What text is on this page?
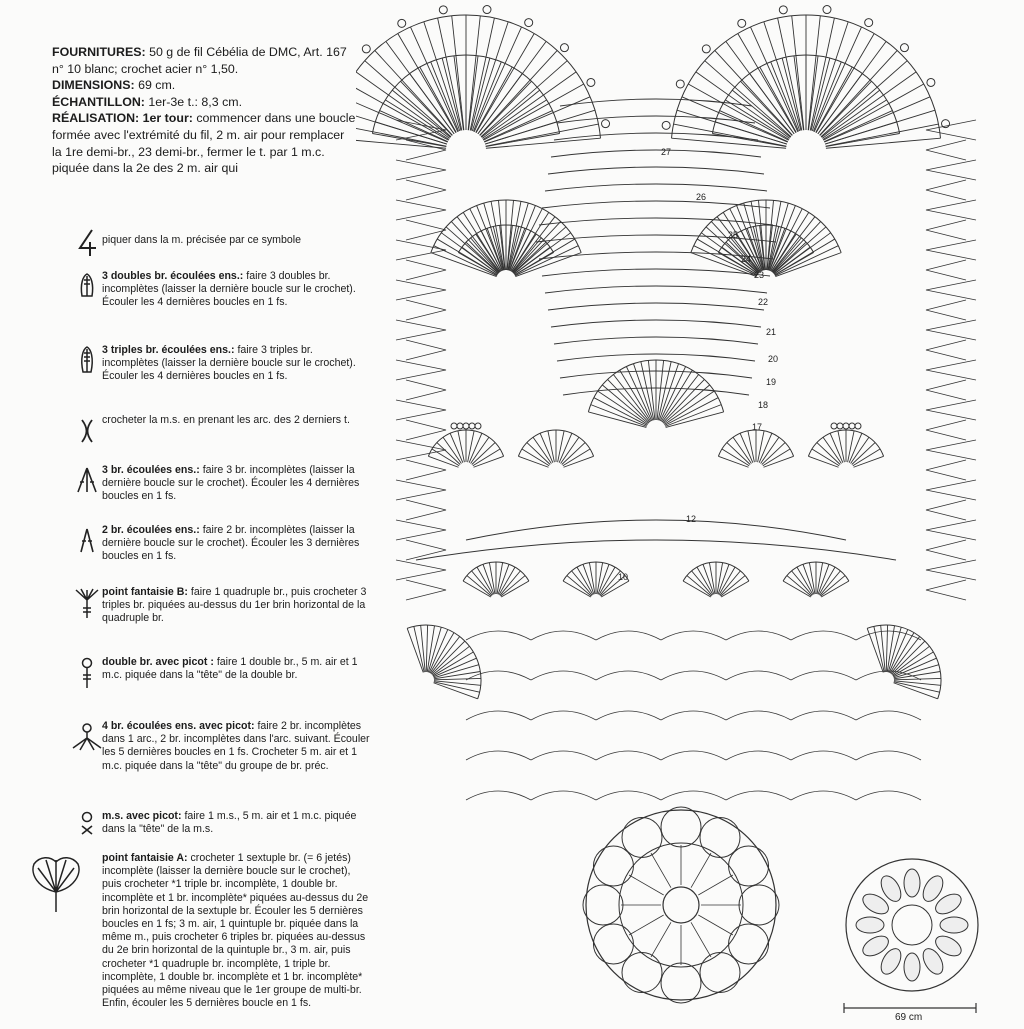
FOURNITURES: 50 g de fil Cébélia de DMC, Art. 167 n° 10 blanc; crochet acier n° 1,50.

DIMENSIONS: 69 cm.

ÉCHANTILLON: 1er-3e t.: 8,3 cm.

RÉALISATION: 1er tour: commencer dans une boucle formée avec l'extrémité du fil, 2 m. air pour remplacer la 1re demi-br., 23 demi-br., fermer le t. par 1 m.c. piquée dans la 2e des 2 m. air qui

piquer dans la m. précisée par ce symbole
3 doubles br. écoulées ens.: faire 3 doubles br. incomplètes (laisser la dernière boucle sur le crochet). Écouler les 4 dernières boucles en 1 fs.
3 triples br. écoulées ens.: faire 3 triples br. incomplètes (laisser la dernière boucle sur le crochet). Écouler les 4 dernières boucles en 1 fs.
crocheter la m.s. en prenant les arc. des 2 derniers t.
3 br. écoulées ens.: faire 3 br. incomplètes (laisser la dernière boucle sur le crochet). Écouler les 4 dernières boucles en 1 fs.
2 br. écoulées ens.: faire 2 br. incomplètes (laisser la dernière boucle sur le crochet). Écouler les 3 dernières boucles en 1 fs.
point fantaisie B: faire 1 quadruple br., puis crocheter 3 triples br. piquées au-dessus du 1er brin horizontal de la quadruple br.
double br. avec picot : faire 1 double br., 5 m. air et 1 m.c. piquée dans la "tête" de la double br.
4 br. écoulées ens. avec picot: faire 2 br. incomplètes dans 1 arc., 2 br. incomplètes dans l'arc. suivant. Écouler les 5 dernières boucles en 1 fs. Crocheter 5 m. air et 1 m.c. piquée dans la "tête" du groupe de br. préc.
m.s. avec picot: faire 1 m.s., 5 m. air et 1 m.c. piquée dans la "tête" de la m.s.
point fantaisie A: crocheter 1 sextuple br. (= 6 jetés) incomplète (laisser la dernière boucle sur le crochet), puis crocheter *1 triple br. incomplète, 1 double br. incomplète et 1 br. incomplète* piquées au-dessus du 2e brin horizontal de la sextuple br. Écouler les 5 dernières boucles en 1 fs; 3 m. air, 1 quintuple br. piquée dans la même m., puis crocheter 6 triples br. piquées au-dessus du 2e brin horizontal de la quintuple br., 3 m. air, puis crocheter *1 quadruple br. incomplète, 1 triple br. incomplète, 1 double br. incomplète et 1 br. incomplète* piquées au même niveau que le 1er groupe de multi-br. Enfin, écouler les 5 dernières boucle en 1 fs.
27
26
25
24
23
22
21
20
19
18
17
12
10
69 cm
